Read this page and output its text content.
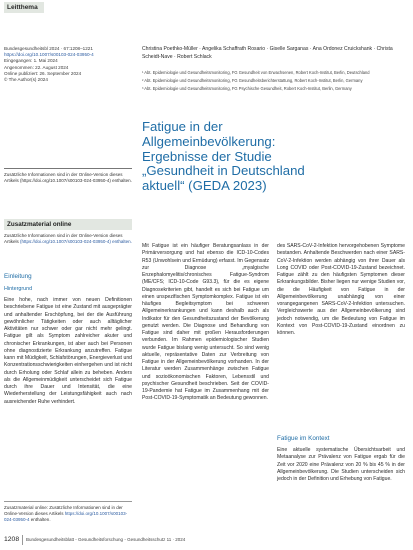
Leitthema
Bundesgesundheitsbl 2024 · 67:1208–1221
https://doi.org/10.1007/s00103-024-03950-4
Eingegangen: 1. Mai 2024
Angenommen: 22. August 2024
Online publiziert: 26. September 2024
© The Author(s) 2024
Christina Poethko-Müller · Angelika Schaffrath Rosario · Giselle Sarganas · Ana Ordonez Cruickshank · Christa Scheidt-Nave · Robert Schlack

¹ Abt. Epidemiologie und Gesundheitsmonitoring, FG Gesundheit von Erwachsenen, Robert Koch-Institut, Berlin, Deutschland

² Abt. Epidemiologie und Gesundheitsmonitoring, FG Gesundheitsberichterstattung, Robert Koch-Institut, Berlin, Germany

³ Abt. Epidemiologie und Gesundheitsmonitoring, FG Psychische Gesundheit, Robert Koch-Institut, Berlin, Germany

Fatigue in der
Allgemeinbevölkerung:
Ergebnisse der Studie
„Gesundheit in Deutschland
aktuell“ (GEDA 2023)
Zusätzliche Informationen sind in der Online-Version dieses Artikels (https://doi.org/10.1007/s00103-024-03950-4) enthalten.
Zusatzmaterial online
Zusätzliche Informationen sind in der Online-Version dieses Artikels (https://doi.org/10.1007/s00103-024-03950-4) enthalten.
Einleitung
Hintergrund
Eine hohe, nach immer von neuen Definitionen beschriebene Fatigue ist eine Zustand mit ausgeprägter und anhaltender Erschöpfung, bei der die Ausführung gewöhnlicher Tätigkeiten oder auch alltäglicher Aktivitäten nur schwer oder gar nicht mehr gelingt. Fatigue gilt als Symptom zahlreicher akuter und chronischer Erkrankungen, ist aber auch bei Personen ohne diagnostizierte Erkrankung anzutreffen. Fatigue kann mit Müdigkeit, Schlafstörungen, Energieverlust und Konzentrationsschwierigkeiten einhergehen und ist nicht durch Erholung oder Schlaf allein zu beheben. Anders als die Allgemeinmüdigkeit unterscheidet sich Fatigue durch ihre Dauer und Intensität, die eine Wiederherstellung der Leistungsfähigkeit auch nach ausreichender Ruhe verhindert.
Mit Fatigue ist ein häufiger Beratungsanlass in der Primärversorgung und hat ebenso die ICD-10-Codes R53 (Unwohlsein und Ermüdung) erfasst. Im Gegensatz zur Diagnose „myalgische Enzephalomyelitis/chronisches Fatigue-Syndrom (ME/CFS; ICD-10-Code G93.3), für die es eigene Diagnosekriterien gibt, handelt es sich bei Fatigue um einen unspezifischen Symptomkomplex. Fatigue ist ein häufiges Begleitsymptom bei schweren Allgemeinerkrankungen und kann deshalb auch als Indikator für den Gesundheitszustand der Bevölkerung genutzt werden. Die Diagnose und Behandlung von Fatigue sind daher mit großen Herausforderungen verbunden. Im Rahmen epidemiologischer Studien wurde Fatigue bislang wenig untersucht. So sind wenig aktuelle, repräsentative Daten zur Verbreitung von Fatigue in der Allgemeinbevölkerung vorhanden. In der Literatur werden Zusammenhänge zwischen Fatigue und sozioökonomischen Faktoren, Lebensstil und psychischer Gesundheit beschrieben. Seit der COVID-19-Pandemie hat Fatigue im Zusammenhang mit der Post-COVID-19-Symptomatik an Bedeutung gewonnen.
des SARS-CoV-2-Infektion hervorgehobenen Symptome bestanden. Anhaltende Beschwerden nach einer SARS-CoV-2-Infektion werden abhängig von ihrer Dauer als Long COVID oder Post-COVID-19-Zustand bezeichnet. Fatigue zählt zu den häufigsten Symptomen dieser Erkrankungsbilder. Bisher liegen nur wenige Studien vor, die die Häufigkeit von Fatigue in der Allgemeinbevölkerung unabhängig von einer vorangegangenen SARS-CoV-2-Infektion untersuchen. Vergleichswerte aus der Allgemeinbevölkerung sind jedoch notwendig, um die Bedeutung von Fatigue im Kontext von Post-COVID-19-Zustand einordnen zu können.
Fatigue im Kontext
Eine aktuelle systematische Übersichtsarbeit und Metaanalyse zur Prävalenz von Fatigue ergab für die Zeit vor 2020 eine Prävalenz von 20 % bis 45 % in der Allgemeinbevölkerung. Die Studien unterscheiden sich jedoch in der Definition und Erhebung von Fatigue.
Zusatzmaterial online: Zusätzliche Informationen sind in der Online-Version dieses Artikels https://doi.org/10.1007/s00103-024-03950-4 enthalten.
1208 Bundesgesundheitsblatt - Gesundheitsforschung - Gesundheitsschutz 11 · 2024
